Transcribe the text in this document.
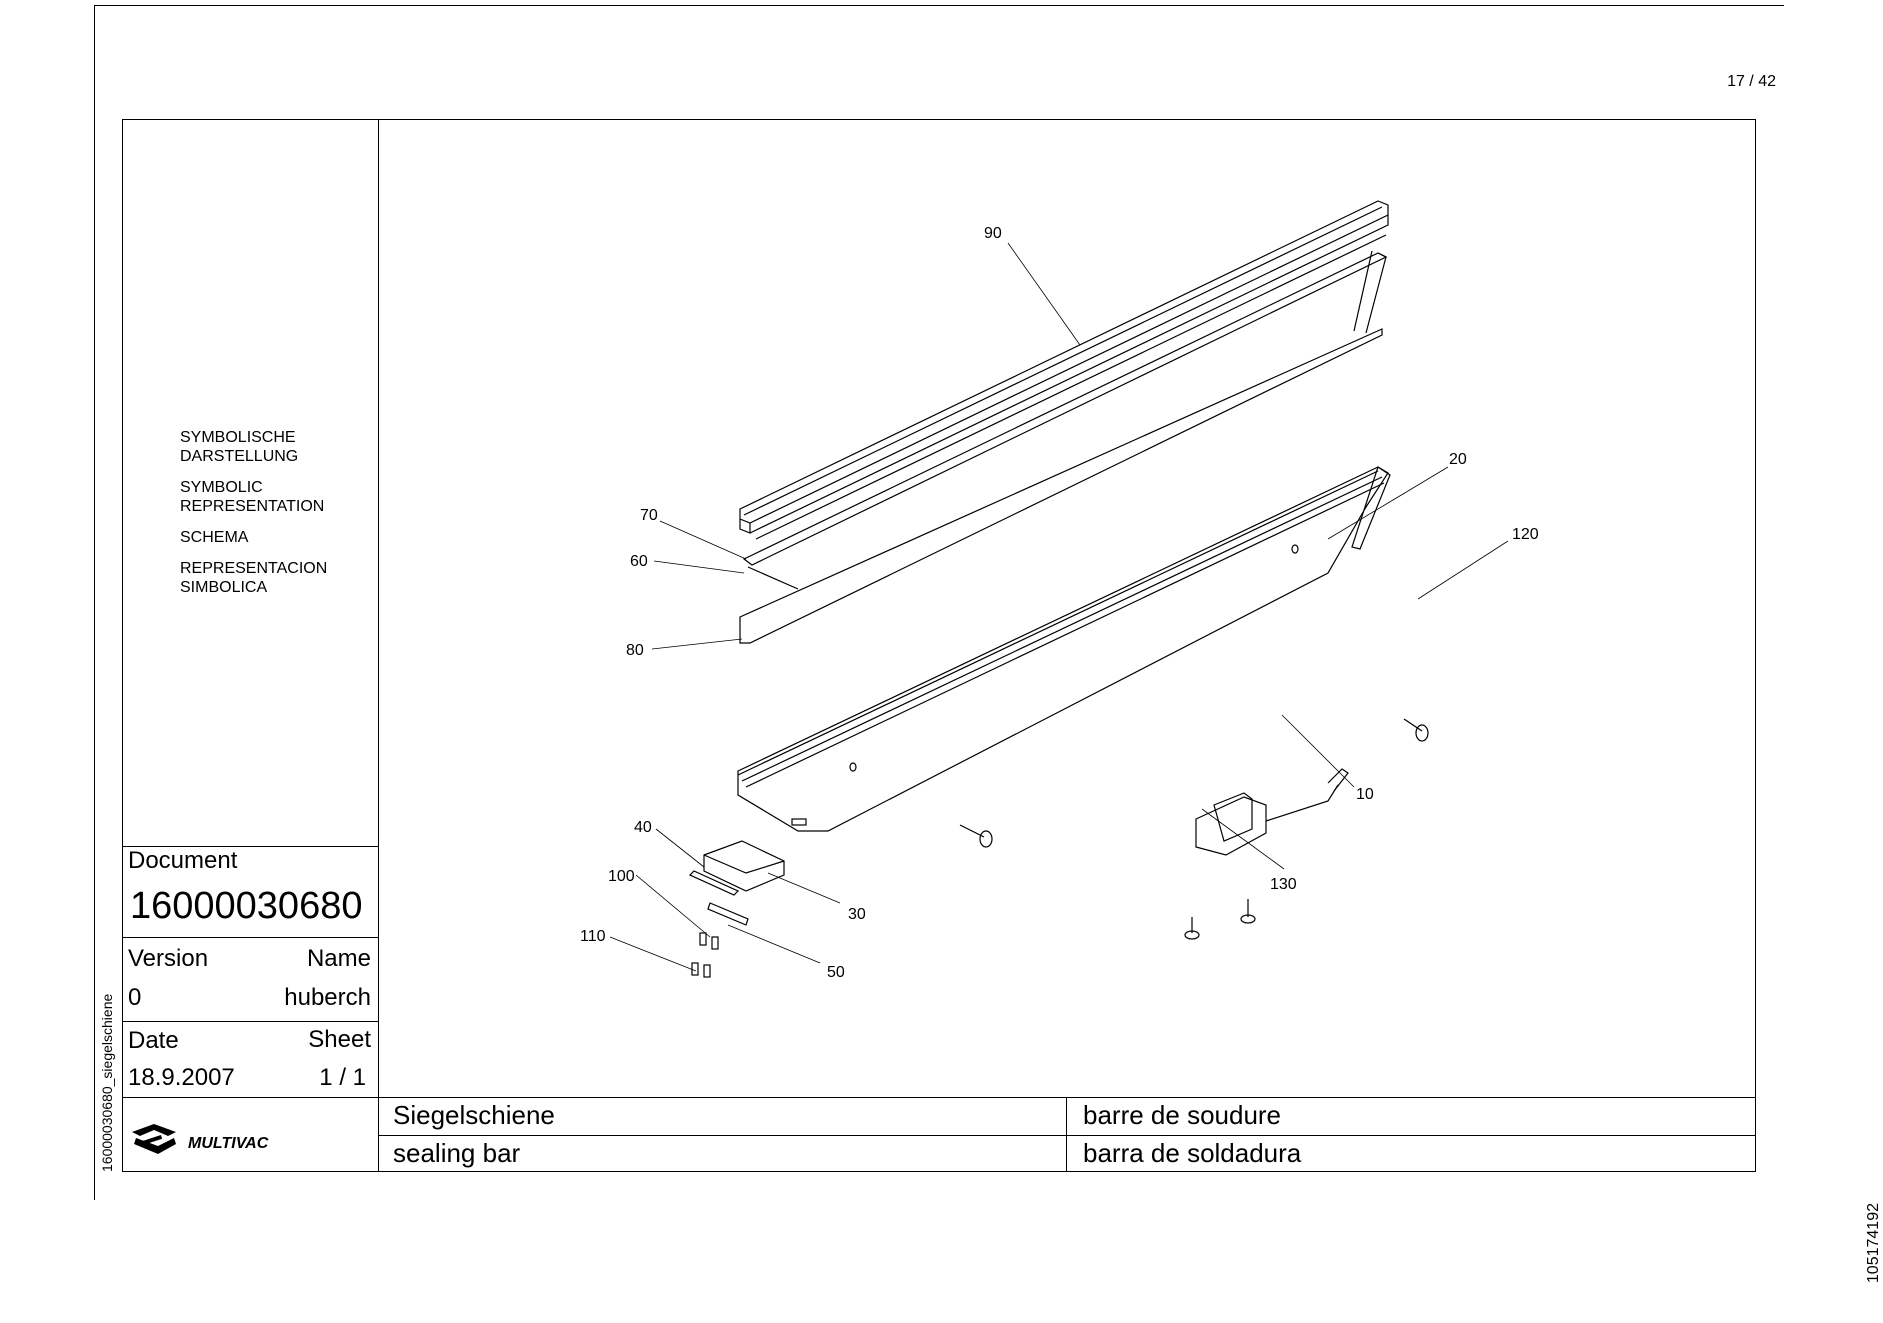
17 / 42
105174192
SYMBOLISCHE
DARSTELLUNG
SYMBOLIC
REPRESENTATION
SCHEMA
REPRESENTACION
SIMBOLICA
Document
16000030680
Version	Name
0	huberch
Date	Sheet
18.9.2007	1 / 1
16000030680_siegelschiene	Siegelschiene	barre de soudure
sealing bar	barra de soldadura
MULTIVAC
90
70
60
80
20
120
10
40
100
110
30
50
130
